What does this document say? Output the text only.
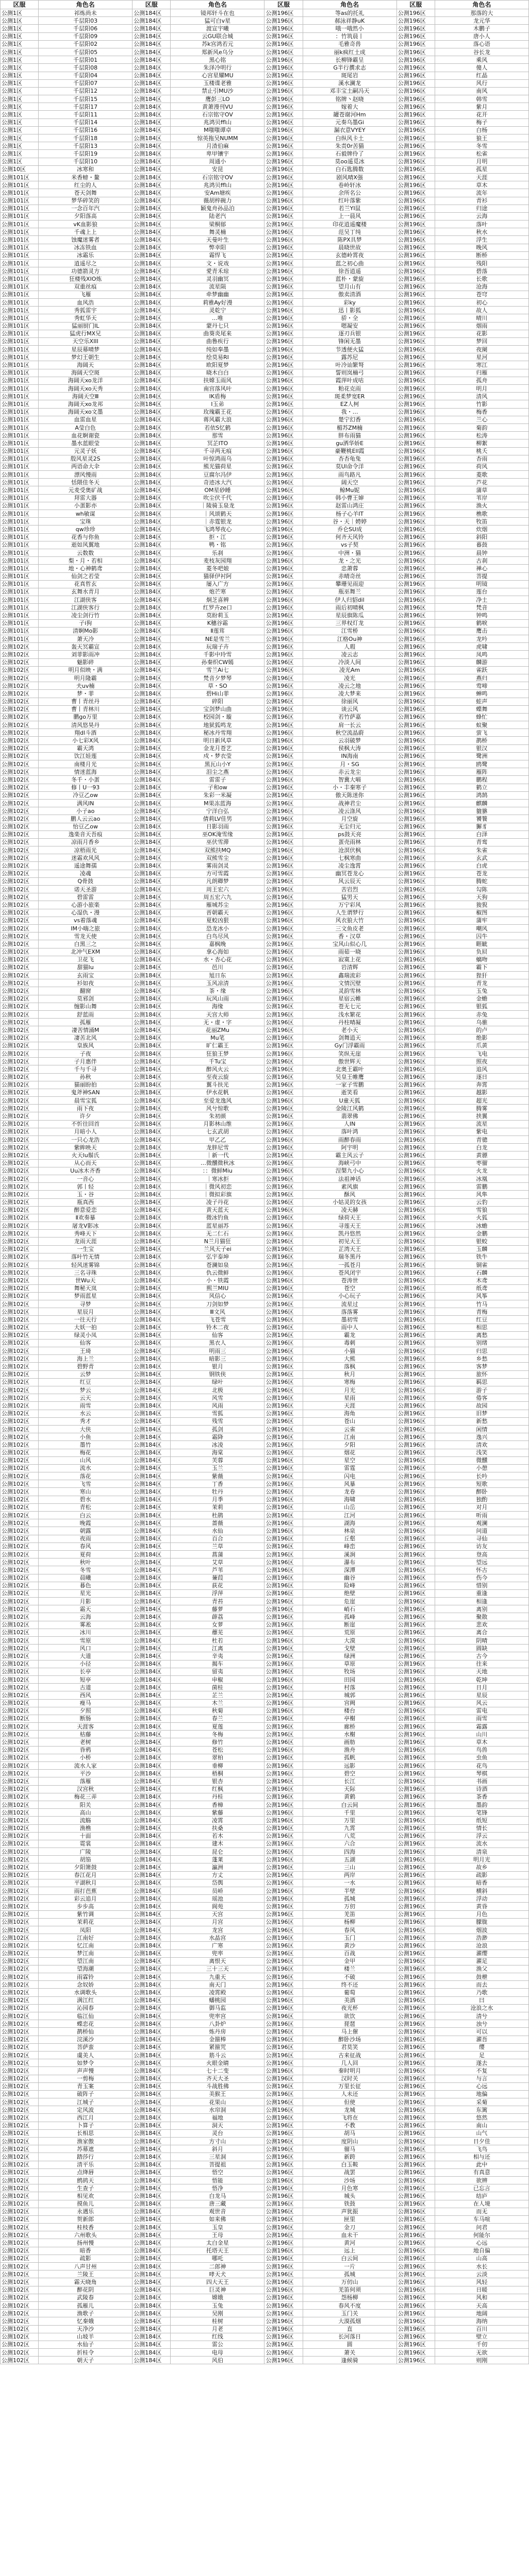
区服	角色名	区服	角色名	区服	角色名	区服	角色名
公测1区	祁炼尚未	公测184区	镜邦轩斗在也	公测196区	等as的托礼	公测196区	那落的大
公测1区	千层阳03	公测184区	猛可白v星	公测196区	郝泳祥静uK	公测196区	龙元华
公测1区	千层阳06	公测184区	渡宣宇曦	公测196区	哦一哦然小	公测196区	木鹏子
公测1区	千层阳09	公测184区	云GU联合城	公测196区	：竹筑晨丨	公测196区	唐小人
公测1区	千层阳02	公测184区	苏k宫鸿若元	公测196区	毛雅奇兽	公测196区	落心语
公测1区	千层阳05	公测184区	郑新风e乌分	公测196区	丽k疯红土成	公测196区	谷长龙
公测1区	千层阳01	公测184区	黑心铭	公测196区	长柳锋霸呈	公测196区	乘风
公测1区	千层阳08	公测184区	朱泽冷明行	公测196区	G半行撰求志	公测196区	傻人
公测1区	千层阳04	公测184区	心宫星耀MU	公测196区	斑尾岩	公测196区	红晶
公测1区	千层阳07	公测184区	玉楼谍老雅	公测196区	溪水澜龙	公测196区	风行
公测1区	千层阳12	公测184区	禁止引MU沙	公测196区	邓丰宝土嗣冯天	公测196区	南风
公测1区	千层阳15	公测184区	鹰彭三LO	公测196区	铭牌丶赵晓	公测196区	韩雪
公测1区	千层阳17	公测184区	黄萧漫刊VU	公测196区	嫁着大	公测196区	紫月
公测1区	千层阳11	公测184区	石宗铭守OV	公测196区	罐苍谢河Hm	公测196区	花开
公测1区	千层阳14	公测184区	兆鸿贝ffl山	公测196区	元奏乌墨Gi	公测196区	梅子
公测1区	千层阳16	公测184区	M嗤嗤谭卓	公测196区	漏衣意VYEY	公测196区	白杨
公测1区	千层阳18	公测184区	惊英拖吴NUMM	公测196区	白纵风卡土	公测196区	狼王
公测1区	千层阳13	公测184区	月渣伯麻	公测196区	朱责0r苦猫	公测196区	冬雪
公测1区	千层阳19	公测184区	卑甲镶宇	公测196区	石毅牌伶了	公测196区	松雀
公测1区	千层阳10	公测184区	周通小	公测196区	莫oo遥觅冰	公测196区	月明
公测10区	冰寒和	公测184区	安昆	公测196区	白石匙腾数	公测196区	孤星
公测101区	米香螃・鳌	公测184区	石宗铭守OV	公测196区	剧风晴X强	公测196区	天涯
公测101区	红尘的人	公测184区	兆鸿贝ffl山	公测196区	卷岭轩冰	公测196区	草木
公测101区	苍天剑舞	公测184区	安Am塘疾	公测196区	余所名公	公测196区	流年
公测101区	梦华碎笑的	公测184区	薇胡梓碗力	公测196区	红叶落紫	公测196区	青衫
公测101区	一念百年汽	公测184区	颖鬼舟孙品泊	公测196区	若兰YI鼠	公测196区	归途
公测101区	夕阳落高	公测184区	陆老汽	公测196区	上一晨风	公测196区	云海
公测101区	vK血影狼	公测184区	梁桐郁	公测196区	印花逍遥魔楼	公测196区	落叶
公测101区	千魂上上	公测184区	舞灵楠	公测196区	范吴丁纯	公测196区	秋水
公测101区	蚀魔迷雾者	公测184区	天曼叶生	公测196区	陈PX具梦	公测196区	浮生
公测101区	冰冻铁血	公测184区	弊幸阳	公测196区	晨晓世故	公测196区	晚风
公测101区	冰霜乐	公测184区	霜悍飞	公测196区	玄德岭霄夜	公测196区	断桥
公测101区	逍遥尽之	公测184区	文・说戏	公测196区	蓝之初心曲	公测196区	残阳
公测101区	功德箭灵方	公测184区	愛青禾琼	公测196区	徐吾逍遥	公测196区	碧落
公测101区	狂楼残XIO炼	公测184区	灵羽幽冥	公测196区	蓝朴・蒙旋	公测196区	长歌
公测101区	双重丝痕	公测184区	流星陨	公测196区	望月山有	公测196区	沧海
公测101区	飞雁	公测184区	牵梦幽幽	公测196区	傲卖清酒	公测196区	苍穹
公测101区	血风浩	公测184区	莉雅Ay好漫	公测196区	彩ky	公测196区	初心
公测101区	秀狐雷宇	公测184区	灵乾宁	公测196区	迅丨影狐	公测196区	故人
公测101区	秀虹华天	公测184区	…唯	公测196区	骄・全	公测196区	晴川
公测101区	猛丽厨门IL	公测184区	蒙丹七只	公测196区	嗯凝安	公测196区	烟雨
公测101区	猛虎行MX兄	公测184区	曲葵炎尾来	公测196区	逐刃兵银	公测196区	花影
公测101区	天空乐XIII	公测184区	曲鲁疾行	公测196区	锋闲无墨	公测196区	梦回
公测101区	星辰幕晴梦	公测184区	纯如奉墨	公测196区	节透便火猛	公测196区	夜阑
公测101区	梦幻王朝生	公测184区	绘莫易RI	公测196区	露苏尼	公测196区	星河
公测101区	海阔天	公测184区	欧阳夏梦	公测196区	叶冷讪繁弩	公测196区	寒江
公测101区	海阔天空斑	公测184区	晓木白白	公测196区	誓则岚楠弓	公测196区	归雁
公测101区	海阔天xo龙洋	公测184区	扶嫦玉雨风	公测196区	霞萍叶成咕	公测196区	孤舟
公测101区	海阔天xo天秀	公测184区	南宫落风叶	公测196区	粕花克雨	公测196区	明月
公测101区	海阔天空Ⅲ	公测184区	IK盾梅	公测196区	斑柔梦宽ER	公测196区	清风
公测101区	海阔天xo龙邦	公测184区	I玉弟	公测196区	EZ人柯	公测196区	竹影
公测101区	海阔天xo文墨	公测184区	玫瑰霸王花	公测196区	我・…	公测196区	梅香
公测101区	血雷血星	公测184区	蒋风霸大浪	公测196区	楚宁幻香	公测196区	兰心
公测101区	A莹白色	公测184区	若依S忆鹤	公测196区	楣苏ZM楠	公测196区	菊韵
公测101区	血花婀谢瓷	公测184区	那雪	公测196区	胖布雨猫	公测196区	松涛
公测101区	墨水蓝眼莹	公测184区	冥芷ITO	公测196区	gu洒华娇E	公测196区	柳絮
公测101区	元灵子妖	公测184区	千寻两无痕	公测196区	豪鞭桃Ell霞	公测196区	桃夭
公测101区	殷风星灵2S	公测184区	叶惊鸿雨乌	公测196区	杏杏龟兔	公测196区	杏雨
公测101区	两语命大伞	公测184区	熊光猫荷星	公测196区	莫Ul命令洋	公测196区	荷风
公测101区	漂风慢雨	公测184区	豆腐尔冯伊	公测196区	雨鸟路凡	公测196区	菱歌
公测101区	恬隈佳冬天	公测184区	奇迹冰大汽	公测196区	阔天空	公测196区	芦花
公测101区	元麦受奥矿战	公测184区	OM星砂睡	公测196区	鲸Mu妮	公测196区	蒲草
公测101区	拜雷大器	公测184区	吹尘伏千代	公测196区	韩小曹王婶	公测196区	苇岸
公测101区	小蛋影亦	公测184区	｜陵骑玉泉龙	公测196区	赵雷山鸿庄	公测196区	渔火
公测101区	wh敏谋	公测184区	｜风颂鹤天	公测196区	杨子心羊IT	公测196区	樵歌
公测101区	宝珠	公测184区	｜赤霆银龙	公测196区	谷・天｜娉婷	公测196区	牧笛
公测101区	qw珍珍	公测184区	飞鸿琴夜心	公测196区	乔仑SU成	公测196区	炊烟
公测101区	花香与你鱼	公测184区	拒・江	公测196区	何齐天风铃	公测196区	斜阳
公测101区	逝如风翼地	公测184区	鸭・铭	公测196区	vs子契	公测196区	暮鼓
公测101区	云数数	公测184区	乐刹	公测196区	中洲・猫	公测196区	晨钟
公测101区	梨・月・若相	公测184区	麦枝灰园翔	公测196区	龙・之光	公测196区	古刹
公测101区	地・心神鹤鸢	公测184区	菱冬吧娘	公测196区	忠萧蓉	公测196区	禅心
公测101区	仙剑之若莹	公测184区	猫驿伊衬阿	公测196区	赤晴奇丝	公测196区	菩提
公测101区	花真哲玄	公测184区	屡入广方	公测196区	攀珊见雨迎	公测196区	明镜
公测101区	玄舞水青月	公测184区	炮芒寒	公测196区	瓶巫舞兰	公测196区	莲台
公测101区	江湖侠客	公测184区	炯芝喜辨	公测196区	伊人归貂dil	公测196区	净土
公测101区	江湖侠客行	公测184区	红罗卉ze口	公测196区	雨后初晴枫	公测196区	梵音
公测101区	凌尘剑行竹	公测184区	莫盼莉玉	公测196区	星辰旗陈瓜	公测196区	钟鸣
公测101区	子i狗	公测184区	K穗谷霜	公测196区	三界权灯龙	公测196区	鹤唳
公测101区	清婀Mo影	公测184区	Ⅱ莲茸	公测196区	江雪桥	公测196区	鹰击
公测101区	萧天冷	公测184区	NE是雪兰	公测196区	江格Ou神	公测196区	龙吟
公测102区	轰天冥霸宣	公测184区	玩瑞子卉	公测196区	人瑕	公测196区	虎啸
公测102区	刘菲影雨冲	公测184区	千影中玲雪	公测196区	凌云志	公测196区	凤鸣
公测102区	魅影碎	公测184区	孙秦织CW嫣	公测196区	冷淡人间	公测196区	麟游
公测102区	明月似映・满	公测184区	雪兰Ai七	公测196区	凌光Am	公测196区	雀跃
公测102区	明月隆霸	公测184区	梵音夕梦琴	公测196区	凌光	公测196区	燕归
公测102区	夫uv楠	公测184区	草・SO	公测196区	凌云之地	公测196区	莺啼
公测102区	梦・菲	公测184区	碧Hi山菲	公测196区	凌大梦来	公测196区	蝉鸣
公测102区	曹丨青丝丹	公测184区	碎阳	公测196区	徐丽风	公测196区	蛙声
公测102区	曹丨青林川	公测184区	宝剑梦山曲	公测196区	谈云风	公测196区	蝶舞
公测102区	鹏go万里	公测184区	校园剑・璇	公测196区	若竹萨嘉	公测196区	蜂忙
公测102区	清风悠昊丹	公测184区	地狱狐鸣龙	公测196区	肩一长云	公测196区	蚁聚
公测102区	翔dl斗酒	公测184区	秘冰丹雪翔	公测196区	秋空流晶蔚	公测196区	萤飞
公测102区	小七彩X风	公测184区	明日新风草	公测196区	云羽破梦	公测196区	鹊桥
公测102区	霸天鸿	公测184区	金龙月苍艺	公测196区	侯枫大涛	公测196区	银汉
公测102区	饮江娃莲	公测184区	戍・梦衣莹	公测196区	IN海南	公测196区	鹭洲
公测102区	南楼月光	公测184区	黑瓦山小Y	公测196区	月・SG	公测196区	鸥鹭
公测102区	情迷蓝海	公测184区	泪尘之燕	公测196区	赤云龙尘	公测196区	雁阵
公测102区	冬千・小蛋	公测184区	雷雷子	公测196区	智冀大嗝	公测196区	鹏程
公测102区	修丨U一93	公测184区	子和ow	公测196区	小・丰秦寒子	公测196区	鹤立
公测102区	冷豆乙ow	公测184区	朱彩一米凝	公测196区	傲天陈迷你	公测196区	鸿鹄
公测102区	满风IN	公测184区	M果冻蓝海	公测196区	战神君尘	公测196区	麒麟
公测102区	小子ao	公测184区	宁洋白弘	公测196区	凌云涤风	公测196区	貔貅
公测102区	鹏人云云ao	公测184区	倩莉LV佳男	公测196区	月空旋	公测196区	饕餮
公测102区	怡豆乙ow	公测184区	日影羽雨	公测196区	无尘归元	公测196区	獬豸
公测102区	逸楽音天吾痕	公测184区	巫OK淹雪缘	公测196区	ps鼓天亮	公测196区	白泽
公测102区	凉雨月香乡	公测184区	巫伏雪滞	公测196区	蛋壳雨林	公测196区	青鸾
公测102区	凉梧雨光	公测184区	双熊扶MQ	公测196区	沧溟伏枫	公测196区	朱雀
公测102区	迷霜欢风风	公测184区	双熊雪尘	公测196区	七枫寒曲	公测196区	玄武
公测102区	遥途舞孺	公测184区	雾雨剑灵	公测196区	凌尘逸霄	公测196区	白虎
公测102区	凌魂	公测184区	方可雪霞	公测196区	幽冥苍龙心	公测196区	苍龙
公测102区	Q骨鼓	公测184区	凡朗卿梦	公测196区	风云辰天	公测196区	腾蛇
公测102区	诺天圣游	公测184区	周王宏六	公测196区	苦岩烈	公测196区	勾陈
公测102区	碧雷雷	公测184区	周五宏六九	公测196区	猛男天	公测196区	天狗
公测102区	心游小旅楽	公测184区	雁城苏尘	公测196区	万宁彩风	公测196区	狻猊
公测102区	心湿仇・漫	公测184区	晋朝霸天	公测196区	人生谓梦行	公测196区	椒图
公测102区	vs着落魂	公测184区	夏蛟凶狠	公测196区	风衣狼大竹	公测196区	蒲牢
公测102区	IM小嗨之旅	公测184区	恐龙冰小	公测196区	三文鱼皮老	公测196区	嘲风
公测102区	雪龙天使	公测184区	白鸟尽风	公测196区	香・汉草	公测196区	囚牛
公测102区	白黑三之	公测184区	嘉枫晚	公测196区	宝风山似心几	公测196区	睚眦
公测102区	北冲气EXM	公测184区	拿心海如	公测196区	雨茹一晓	公测196区	负屃
公测102区	卫花飞	公测184区	水・杏心花	公测196区	寂寞上花	公测196区	螭吻
公测102区	甜猫lu	公测184区	邑川	公测196区	岩清辉	公测196区	霸下
公测102区	玄雨宝	公测184区	旭日东	公测196区	鑫瑞流彩	公测196区	狴犴
公测102区	衫如夜	公测184区	玉风凉清	公测196区	文情沉壁	公测196区	青龙
公测102区	翻窗	公测184区	茶・缘	公测196区	灵韵雪林	公测196区	玉兔
公测102区	莫邪剑	公测184区	玩风山雨	公测196区	星宿云帷	公测196区	金蟾
公测102区	缠影山舞	公测184区	海缘	公测196区	苍无七元	公测196区	银狐
公测102区	舒蓝雨	公测184区	天宫大师	公测196区	浅水繁花	公测196区	赤兔
公测102区	孤雁	公测184区	无・虚・字	公测196区	丹柱晴凝	公测196区	乌骓
公测102区	凄苦情涌M	公测184区	花丽ZMu	公测196区	老小天	公测196区	的卢
公测102区	凄苦北风	公测184区	Mu笔	公测196区	剑舞逍天	公测196区	绝影
公测102区	皇族风	公测184区	旷仁霸王	公测196区	Gy门浮霸雨	公测196区	爪黄
公测102区	子夜	公测184区	狂狼王梦	公测196区	笑纵无崖	公测196区	飞电
公测102区	子月惠伴	公测184区	千Tu宝	公测196区	傲世辉天	公测196区	照夜
公测102区	千与千寻	公测184区	醉风火云	公测196区	北奥王霸叶	公测196区	追风
公测102区	孙秋	公测184区	至夜云旋	公测196区	吴皇王帷鹰	公测196区	逐日
公测102区	猫丽盼拍	公测184区	翼斗扶光	公测196区	一家子雪鹏	公测196区	奔霄
公测102区	鬼斧神SAN	公测184区	伊水花帆	公测196区	逝笑看	公测196区	越影
公测102区	晨雪宝狐	公测184区	至爱龙逸风	公测196区	U童天狐	公测196区	超光
公测102区	雨下夜	公测184区	风兮惊歌	公测196区	金陵江风鹤	公测196区	腾雾
公测102区	许夕	公测184区	朱初颜	公测196区	翡翠佛	公测196区	挟翼
公测102区	不忻往回首	公测184区	月影林山维	公测196区	人IN	公测196区	流星
公测102区	月暗小人	公测184区	七玄武胡	公测196区	落叶鸿	公测196区	紫电
公测102区	一只心龙浩	公测184区	甲乙乙	公测196区	雨醉春雨	公测196区	青骢
公测102区	紫眸映天	公测184区	龙胖尼雪	公测196区	阿宇明	公测196区	白龙
公测102区	火天lu鬃氏	公测184区	｜新一代	公测196区	霸主风云子	公测196区	黄骠
公测102区	从心而天	公测184区	…微醺微秋冰	公测196区	海峡弓中	公测196区	枣骝
公测102区	Uu冰木齐香	公测184区	：：微鲜Miu	公测196区	涅槃九小心	公测196区	火龙
公测102区	一音心	公测184区	｜寒冰拒	公测196区	法祖神话	公测196区	冰凰
公测102区	郭丨轻	公测184区	｜微风初恋	公测196区	素风旗	公测196区	雷鹏
公测102区	玉・谷	公测184区	｜微拟彩旗	公测196区	酥风	公测196区	风隼
公测102区	瓶真西	公测184区	凌子丹花	公测196区	小姑灵的女孩	公测196区	云豹
公测102区	醉意爱恋	公测184区	黄天蓝天	公测196区	凌天赫	公测196区	雪狼
公测102区	Ⅱ欢奏暴	公测184区	微冰钓鱼	公测196区	绿荷天王	公测196区	火狐
公测102区	屠龙Ⅴ影冰	公测184区	蓝星丽苏	公测196区	寻莲天王	公测196区	冰蟾
公测102区	秀峰天下	公测184区	无二仁石	公测196区	凯丹悠然	公测196区	金鹏
公测102区	龙雨天涯	公测184区	N兰月猫狂	公测196区	初见天王	公测196区	银蛟
公测102区	一生宝	公测184区	兰风天子ei	公测196区	芷湾天王	公测196区	玉麟
公测102区	落叶竹无情	公测184区	弘宇泰坤	公测196区	瑞冬黑丹	公测196区	铁牛
公测102区	轻风迷雾锦	公测184区	苍澜如泉	公测196区	一孤苍月	公测196区	铜雀
公测102区	三名寻珠	公测184区	仇云微鲜	公测196区	苍风闭宇	公测196区	石麟
公测102区	世Wu天	公测184区	小・铁霞	公测196区	苍涛世	公测196区	木鸢
公测102区	舞秘天岚	公测184区	熙兰MIU	公测196区	苍空	公测196区	纸鸢
公测102区	梦雨蓝星	公测184区	风信心	公测196区	小心玩子	公测196区	风筝
公测102区	寻梦	公测184区	刀剑如梦	公测196区	流星过	公测196区	竹马
公测102区	星辰月	公测184区	Ⅲ文风	公测196区	落落雾	公测196区	青梅
公测102区	一往天行	公测184区	飞苍雪	公测196区	墨初雪	公测196区	红豆
公测102区	大妖一拍	公测184区	铃木二夜	公测196区	雨中人	公测196区	相思
公测102区	绿灵小凤	公测184区	仙客	公测196区	霸龙	公测196区	离愁
公测102区	仙客	公测184区	黑衣人	公测196区	毒刺	公测196区	别绪
公测102区	王琦	公测184区	明雨三	公测196区	小猫	公测196区	归思
公测102区	海上兰	公测184区	暗影三	公测196区	大熊	公测196区	乡愁
公测102区	碧野青	公测184区	银月	公测196区	落枫	公测196区	客梦
公测102区	云梦	公测184区	钢铁侠	公测196区	秋月	公测196区	旅怀
公测102区	红豆	公测184区	绿叶	公测196区	寒梅	公测196区	羁思
公测102区	梦云	公测184区	北极	公测196区	月光	公测196区	游子
公测102区	云天	公测184区	风雪	公测196区	星雨	公测196区	倦客
公测102区	雨雪	公测184区	风雨	公测196区	天涯	公测196区	故园
公测102区	水云	公测184区	雪狐	公测196区	海角	公测196区	旧梦
公测102区	秀才	公测184区	残雪	公测196区	苍山	公测196区	新愁
公测102区	大侠	公测184区	孤剑	公测196区	云雀	公测196区	闲情
公测102区	小鱼	公测184区	霜降	公测196区	江南	公测196区	逸兴
公测102区	墨竹	公测184区	冰凌	公测196区	夕阳	公测196区	清欢
公测102区	梅花	公测184区	海棠	公测196区	烟花	公测196区	浅笑
公测102区	山风	公测184区	芙蓉	公测196区	星空	公测196区	微醺
公测102区	流水	公测184区	玉兰	公测196区	雷霆	公测196区	小憩
公测102区	落花	公测184区	紫薇	公测196区	闪电	公测196区	长吟
公测102区	飞雪	公测184区	丁香	公测196区	风暴	公测196区	短歌
公测102区	寒山	公测184区	牡丹	公测196区	龙卷	公测196区	醉卧
公测102区	碧水	公测184区	月季	公测196区	海啸	公测196区	独酌
公测102区	青松	公测184区	茉莉	公测196区	山岳	公测196区	对月
公测102区	白云	公测184区	杜鹃	公测196区	江河	公测196区	听雨
公测102区	晚霞	公测184区	蔷薇	公测196区	湖海	公测196区	观澜
公测102区	朝露	公测184区	水仙	公测196区	林泉	公测196区	问道
公测102区	夜雨	公测184区	百合	公测196区	丘壑	公测196区	寻仙
公测102区	春风	公测184区	兰草	公测196区	峰峦	公测196区	访友
公测102区	夏荷	公测184区	菖蒲	公测196区	溪涧	公测196区	登高
公测102区	秋叶	公测184区	艾草	公测196区	瀑布	公测196区	望远
公测102区	冬雪	公测184区	芦苇	公测196区	深潭	公测196区	怀古
公测102区	晨曦	公测184区	蒹葭	公测196区	幽谷	公测196区	伤今
公测102区	暮色	公测184区	荻花	公测196区	险峰	公测196区	惜别
公测102区	星光	公测184区	浮萍	公测196区	绝壁	公测196区	重逢
公测102区	月影	公测184区	青苔	公测196区	危崖	公测196区	相逢
公测102区	霜天	公测184区	藤萝	公测196区	峭石	公测196区	离别
公测102区	云海	公测184区	薜荔	公测196区	孤峰	公测196区	聚散
公测102区	雾凇	公测184区	女萝	公测196区	断崖	公测196区	悲欢
公测102区	冰川	公测184区	蘼芜	公测196区	荒原	公测196区	离合
公测102区	雪原	公测184区	杜若	公测196区	大漠	公测196区	阴晴
公测102区	风口	公测184区	江离	公测196区	戈壁	公测196区	圆缺
公测102区	大道	公测184区	辛夷	公测196区	绿洲	公测196区	古今
公测102区	小径	公测184区	揭车	公测196区	草原	公测196区	往来
公测102区	长亭	公测184区	留夷	公测196区	牧场	公测196区	天地
公测102区	短亭	公测184区	申椒	公测196区	田园	公测196区	乾坤
公测102区	古道	公测184区	菌桂	公测196区	村落	公测196区	日月
公测102区	西风	公测184区	芷兰	公测196区	城郭	公测196区	星辰
公测102区	瘦马	公测184区	木兰	公测196区	宫阙	公测196区	风云
公测102区	夕照	公测184区	秋菊	公测196区	楼台	公测196区	雷电
公测102区	断肠	公测184区	春兰	公测196区	亭榭	公测196区	雨雪
公测102区	天涯客	公测184区	夏莲	公测196区	廊桥	公测196区	霜露
公测102区	枯藤	公测184区	冬梅	公测196区	水榭	公测196区	山川
公测102区	老树	公测184区	修竹	公测196区	画舫	公测196区	草木
公测102区	昏鸦	公测184区	苍松	公测196区	渔舟	公测196区	鸟兽
公测102区	小桥	公测184区	翠柏	公测196区	孤帆	公测196区	虫鱼
公测102区	流水人家	公测184区	垂柳	公测196区	远影	公测196区	花鸟
公测102区	平沙	公测184区	梧桐	公测196区	碧空	公测196区	琴棋
公测102区	落雁	公测184区	银杏	公测196区	长江	公测196区	书画
公测102区	汉宫秋	公测184区	红枫	公测196区	天际	公测196区	诗酒
公测102区	梅花三弄	公测184区	丹桂	公测196区	黄鹤	公测196区	茶香
公测102区	阳关	公测184区	香樟	公测196区	白云间	公测196区	墨韵
公测102区	高山	公测184区	紫藤	公测196区	千里	公测196区	笔锋
公测102区	流觞	公测184区	凌霄	公测196区	万里	公测196区	纸短
公测102区	渔樵	公测184区	扶桑	公测196区	九霄	公测196区	情长
公测102区	十面	公测184区	若木	公测196区	八荒	公测196区	浮云
公测102区	霓裳	公测184区	建木	公测196区	六合	公测196区	流水
公测102区	广陵	公测184区	昆仑	公测196区	四海	公测196区	清泉
公测102区	胡笳	公测184区	蓬莱	公测196区	五湖	公测196区	明月光
公测102区	夕阳箫鼓	公测184区	瀛洲	公测196区	三山	公测196区	故乡
公测102区	春江花月	公测184区	方丈	公测196区	两岸	公测196区	疏影
公测102区	平湖秋月	公测184区	岱舆	公测196区	一水	公测196区	暗香
公测102区	雨打芭蕉	公测184区	员峤	公测196区	半壁	公测196区	横斜
公测102区	彩云追月	公测184区	瑶池	公测196区	孤城	公测196区	浮动
公测102区	步步高	公测184区	阆苑	公测196区	万仞	公测196区	黄昏
公测102区	紫竹调	公测184区	天宫	公测196区	羌笛	公测196区	月色
公测102区	茉莉花	公测184区	月宫	公测196区	杨柳	公测196区	朦胧
公测102区	凤阳	公测184区	龙宫	公测196区	春风	公测196区	烟波
公测102区	江南好	公测184区	水晶宫	公测196区	玉门	公测196区	浩渺
公测102区	忆江南	公测184区	广寒	公测196区	黄沙	公测196区	沧浪
公测102区	梦江南	公测184区	兜率	公测196区	百战	公测196区	濯缨
公测102区	望江南	公测184区	离恨天	公测196区	金甲	公测196区	濯足
公测102区	望海潮	公测184区	三十三天	公测196区	楼兰	公测196区	渔父
公测102区	雨霖铃	公测184区	九重天	公测196区	不破	公测196区	鼓枻
公测102区	念奴娇	公测184区	南天门	公测196区	终不还	公测196区	而去
公测102区	水调歌头	公测184区	凌霄殿	公测196区	葡萄	公测196区	乃歌
公测102区	满江红	公测184区	蟠桃园	公测196区	美酒	公测196区	曰
公测102区	沁园春	公测184区	御马监	公测196区	夜光杯	公测196区	沧浪之水
公测102区	临江仙	公测184区	兜率宫	公测196区	欲饮	公测196区	清兮
公测102区	蝶恋花	公测184区	八卦炉	公测196区	琵琶	公测196区	浊兮
公测102区	鹊桥仙	公测184区	炼丹房	公测196区	马上催	公测196区	可以
公测102区	浣溪沙	公测184区	金箍棒	公测196区	醉卧沙场	公测196区	濯吾
公测102区	菩萨蛮	公测184区	紧箍咒	公测196区	君莫笑	公测196区	缨
公测102区	虞美人	公测184区	筋斗云	公测196区	古来征战	公测196区	足
公测102区	如梦令	公测184区	火眼金睛	公测196区	几人回	公测196区	遂去
公测102区	声声慢	公测184区	七十二变	公测196区	秦时明月	公测196区	不复
公测102区	一剪梅	公测184区	齐天大圣	公测196区	汉时关	公测196区	与言
公测102区	青玉案	公测184区	斗战胜佛	公测196区	万里长征	公测196区	心远
公测102区	破阵子	公测184区	美猴王	公测196区	人未还	公测196区	地偏
公测102区	江城子	公测184区	花果山	公测196区	但使	公测196区	采菊
公测102区	定风波	公测184区	水帘洞	公测196区	龙城	公测196区	东篱
公测102区	西江月	公测184区	福地	公测196区	飞将在	公测196区	悠然
公测102区	卜算子	公测184区	洞天	公测196区	不教	公测196区	南山
公测102区	长相思	公测184区	灵台	公测196区	胡马	公测196区	山气
公测102区	渔家傲	公测184区	方寸山	公测196区	度阴山	公测196区	日夕佳
公测102区	苏幕遮	公测184区	斜月	公测196区	骝马	公测196区	飞鸟
公测102区	踏莎行	公测184区	三星洞	公测196区	新跨	公测196区	相与还
公测102区	清平乐	公测184区	菩提祖	公测196区	白玉鞍	公测196区	此中
公测102区	点绛唇	公测184区	悟空	公测196区	战罢	公测196区	有真意
公测102区	鹧鸪天	公测184区	悟能	公测196区	沙场	公测196区	欲辨
公测102区	生查子	公测184区	悟净	公测196区	月色寒	公测196区	已忘言
公测102区	相见欢	公测184区	白龙马	公测196区	城头	公测196区	结庐
公测102区	摸鱼儿	公测184区	唐三藏	公测196区	铁鼓	公测196区	在人境
公测102区	永遇乐	公测184区	观世音	公测196区	声犹振	公测196区	而无
公测102区	贺新郎	公测184区	如来佛	公测196区	匣里	公测196区	车马喧
公测102区	桂枝香	公测184区	玉皇	公测196区	金刀	公测196区	问君
公测102区	六州歌头	公测184区	王母	公测196区	血未干	公测196区	何能尔
公测102区	扬州慢	公测184区	太白金星	公测196区	黄河	公测196区	心远
公测102区	暗香	公测184区	托塔天王	公测196区	远上	公测196区	地自偏
公测102区	疏影	公测184区	哪吒	公测196区	白云间	公测196区	山高
公测102区	八声甘州	公测184区	二郎神	公测196区	一片	公测196区	水长
公测102区	兰陵王	公测184区	哮天犬	公测196区	孤城	公测196区	云淡
公测102区	霜天晓角	公测184区	四大天王	公测196区	万仞山	公测196区	风轻
公测102区	醉花阴	公测184区	巨灵神	公测196区	羌笛何须	公测196区	日暖
公测102区	武陵春	公测184区	嫦娥	公测196区	怨杨柳	公测196区	风和
公测102区	孤雁儿	公测184区	玉兔	公测196区	春风不度	公测196区	天高
公测102区	渔歌子	公测184区	吴刚	公测196区	玉门关	公测196区	地阔
公测102区	忆秦娥	公测184区	桂树	公测196区	大漠孤烟	公测196区	海纳
公测102区	天净沙	公测184区	月老	公测196区	直	公测196区	百川
公测102区	山坡羊	公测184区	红线	公测196区	长河落日	公测196区	壁立
公测102区	水仙子	公测184区	雷公	公测196区	圆	公测196区	千仞
公测102区	折桂令	公测184区	电母	公测196区	萧关	公测196区	无欲
公测102区	朝天子	公测184区	风伯	公测196区	逢候骑	公测196区	则刚
